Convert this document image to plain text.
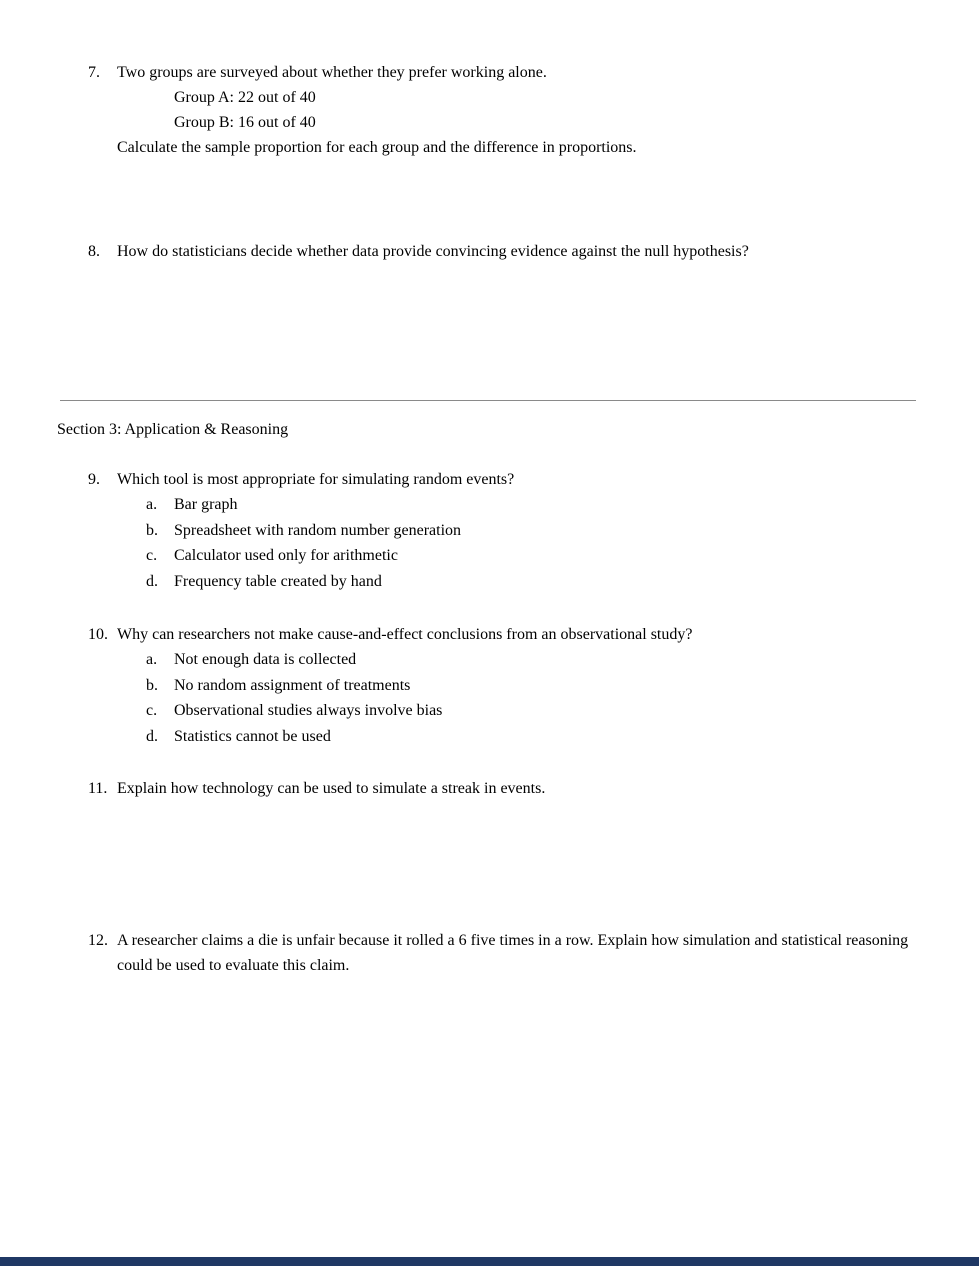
7.	Two groups are surveyed about whether they prefer working alone.
Group A: 22 out of 40
Group B: 16 out of 40
Calculate the sample proportion for each group and the difference in proportions.
8.	How do statisticians decide whether data provide convincing evidence against the null hypothesis?
Section 3: Application & Reasoning
9.	Which tool is most appropriate for simulating random events?
a.	Bar graph
b.	Spreadsheet with random number generation
c.	Calculator used only for arithmetic
d.	Frequency table created by hand
10. Why can researchers not make cause-and-effect conclusions from an observational study?
a.	Not enough data is collected
b.	No random assignment of treatments
c.	Observational studies always involve bias
d.	Statistics cannot be used
11. Explain how technology can be used to simulate a streak in events.
12. A researcher claims a die is unfair because it rolled a 6 five times in a row. Explain how simulation and statistical reasoning could be used to evaluate this claim.
